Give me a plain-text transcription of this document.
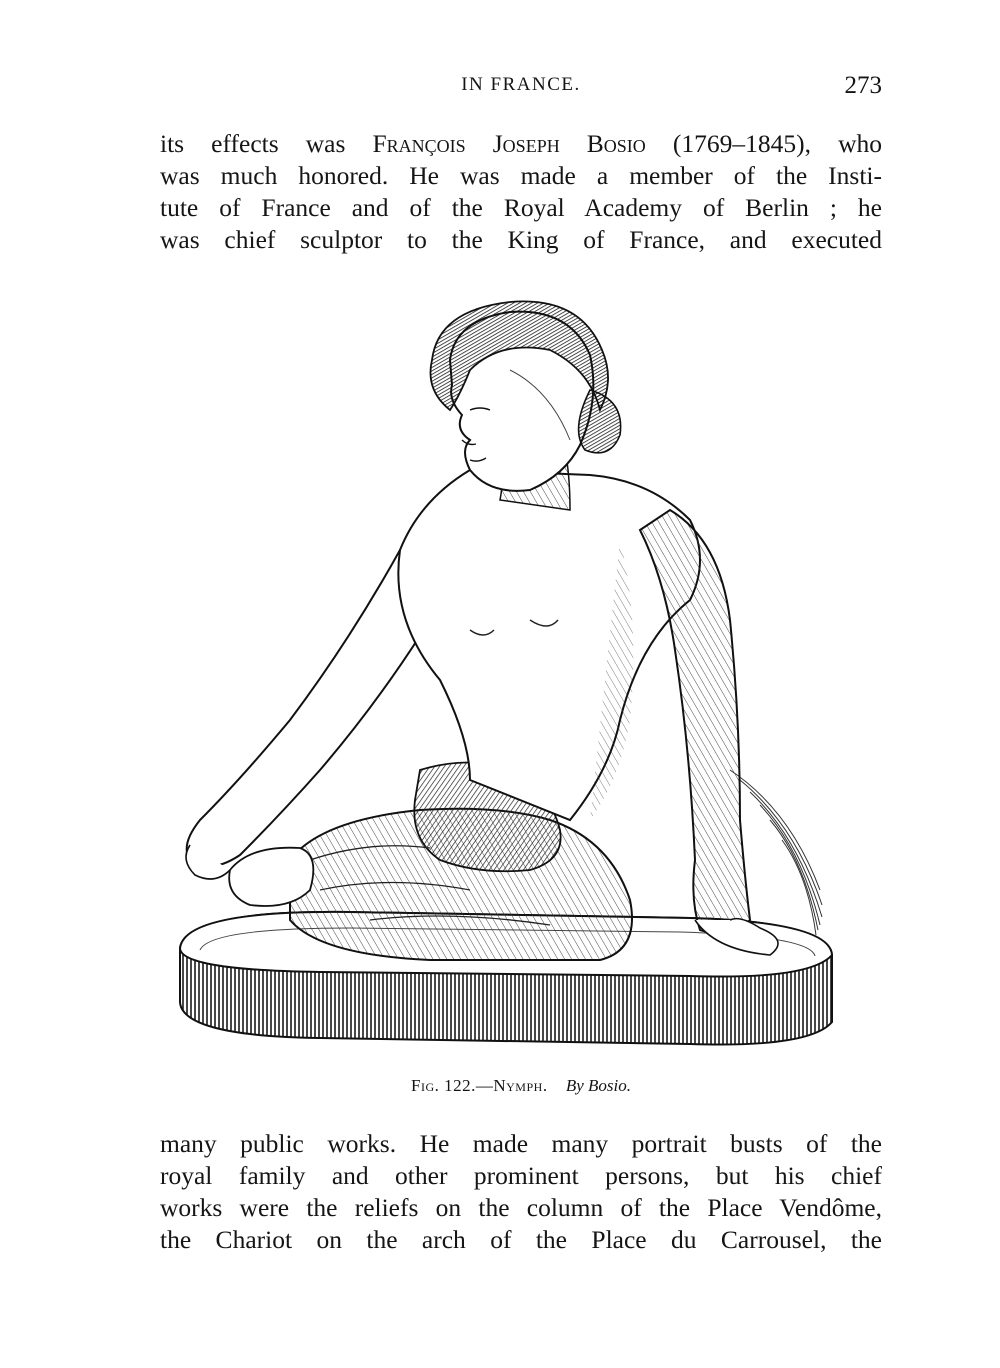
IN FRANCE.	273

its effects was François Joseph Bosio (1769–1845), who
was much honored. He was made a member of the Insti-
tute of France and of the Royal Academy of Berlin ; he
was chief sculptor to the King of France, and executed

Fig. 122.—Nymph. By Bosio.

many public works. He made many portrait busts of the
royal family and other prominent persons, but his chief
works were the reliefs on the column of the Place Vendôme,
the Chariot on the arch of the Place du Carrousel, the
